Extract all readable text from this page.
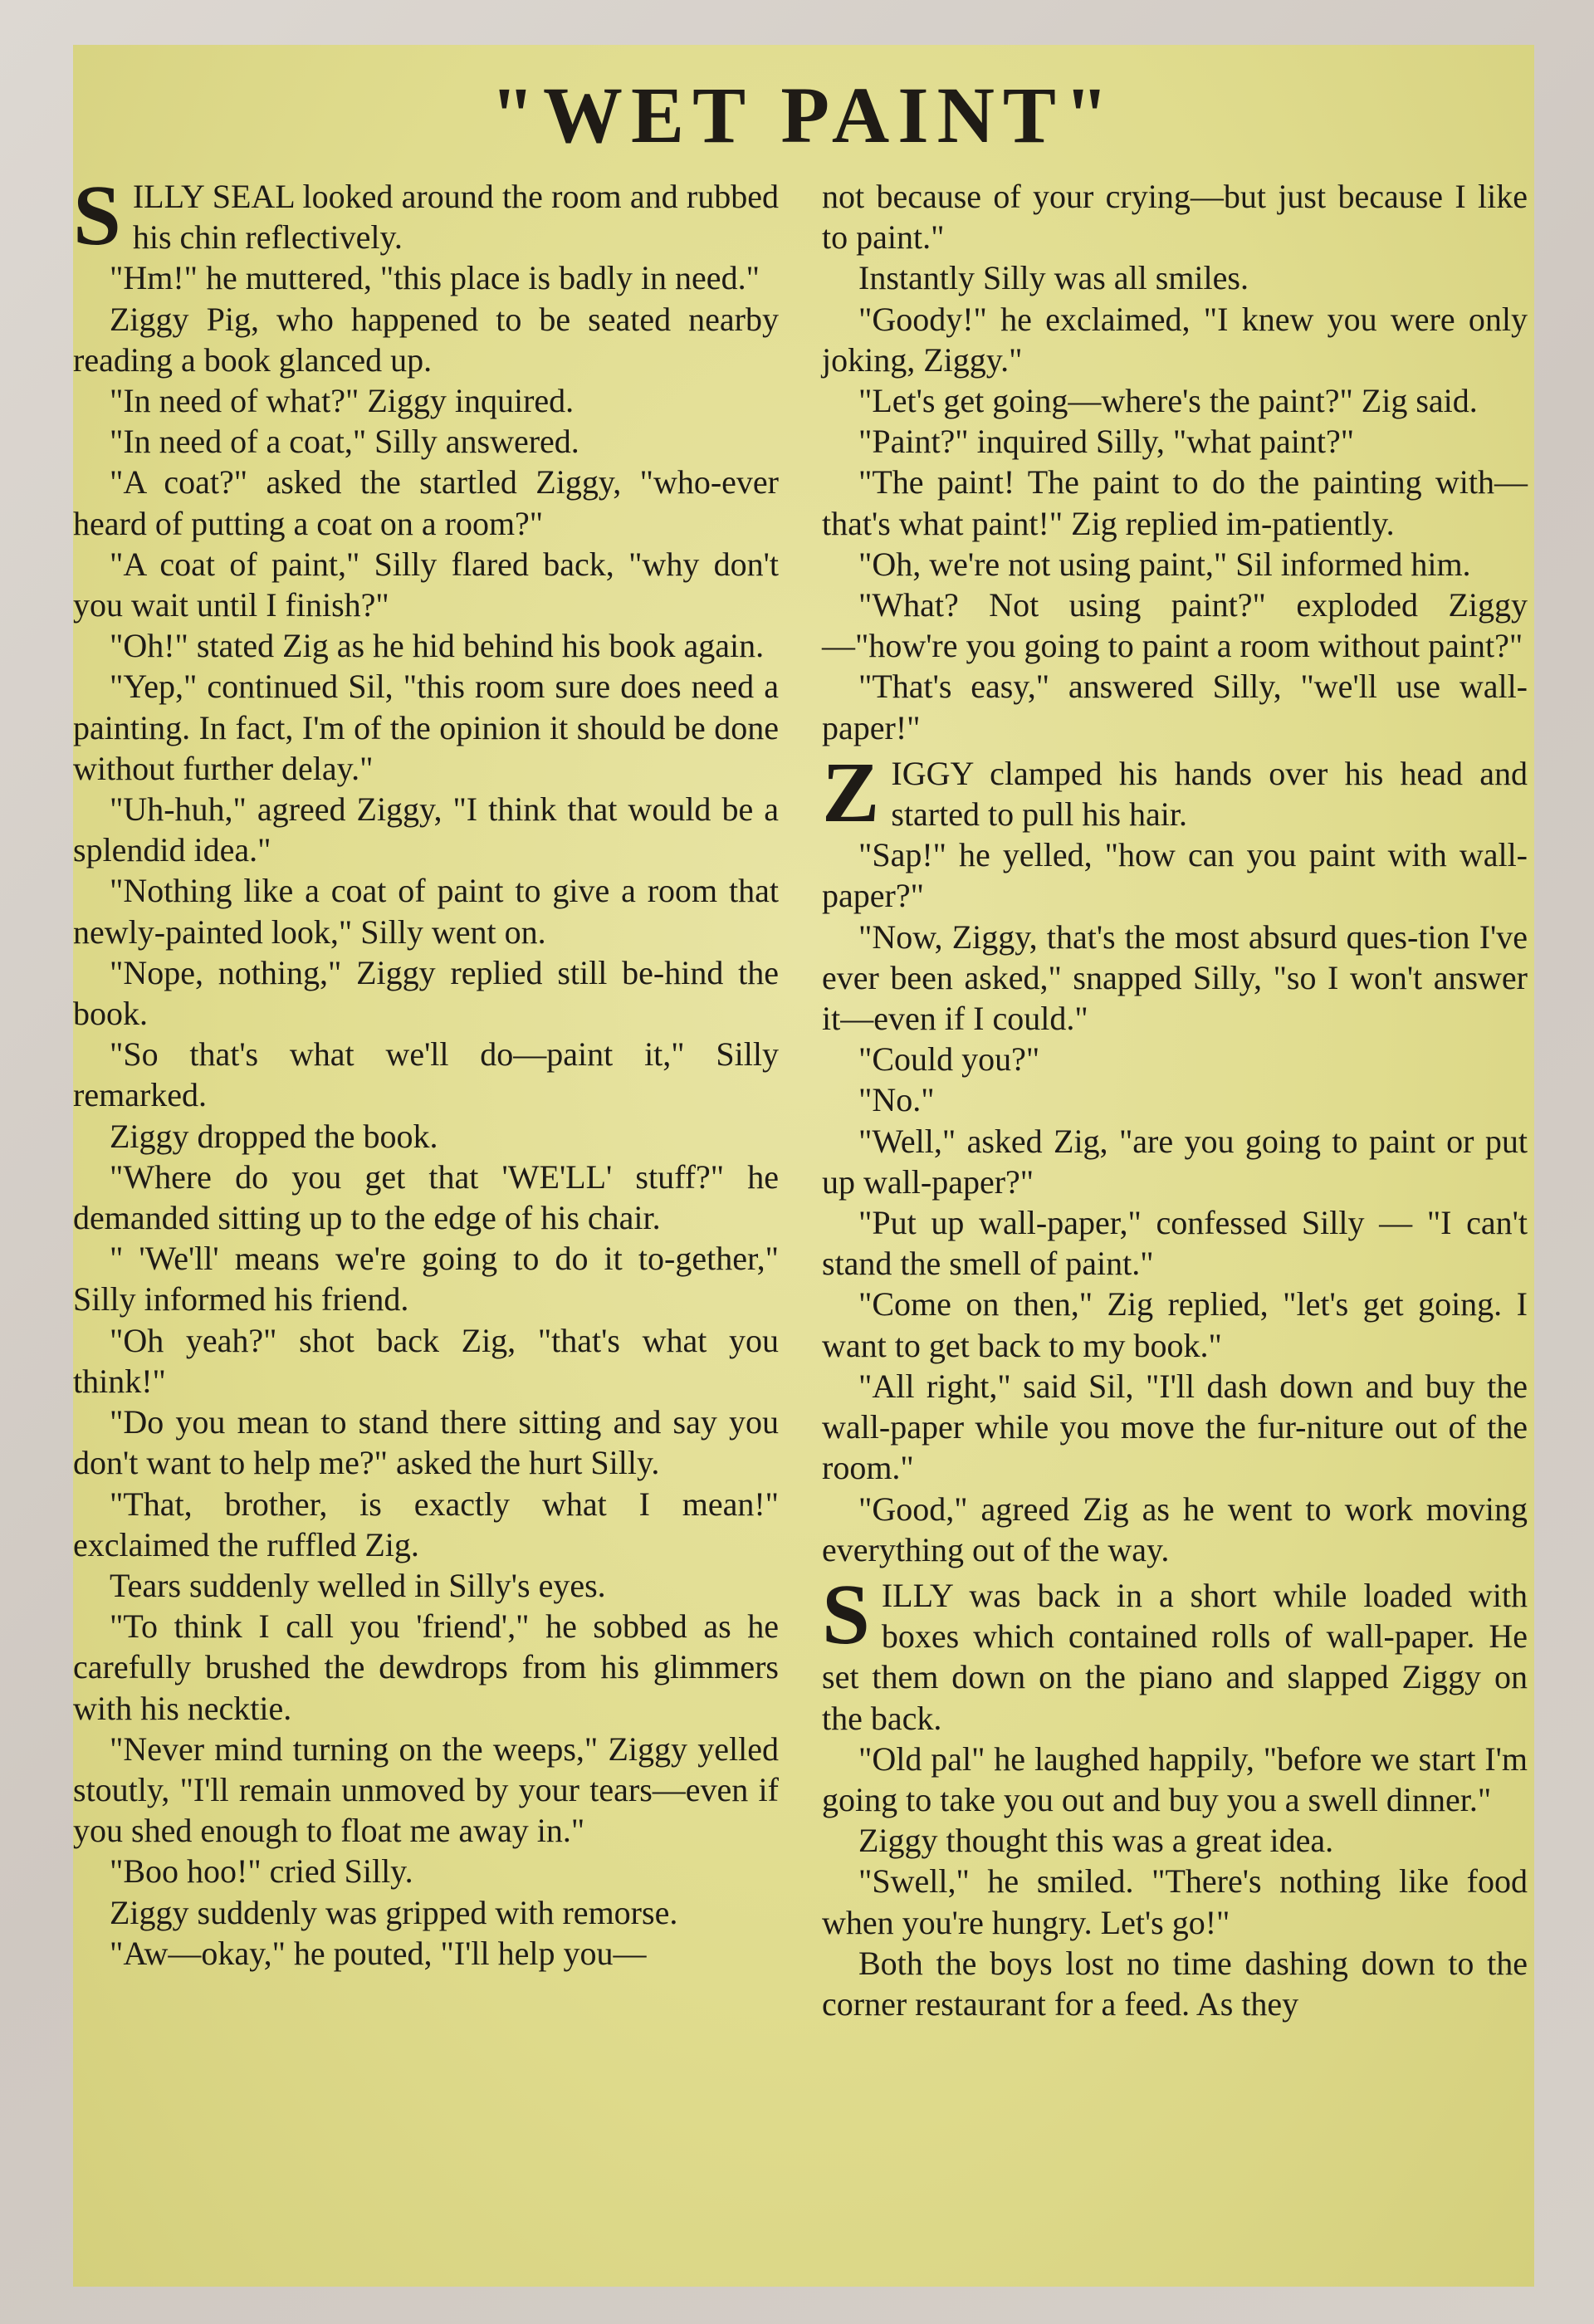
"WET PAINT"

SILLY SEAL looked around the room and rubbed his chin reflectively.

"Hm!" he muttered, "this place is badly in need."

Ziggy Pig, who happened to be seated nearby reading a book glanced up.

"In need of what?" Ziggy inquired.

"In need of a coat," Silly answered.

"A coat?" asked the startled Ziggy, "who-ever heard of putting a coat on a room?"

"A coat of paint," Silly flared back, "why don't you wait until I finish?"

"Oh!" stated Zig as he hid behind his book again.

"Yep," continued Sil, "this room sure does need a painting. In fact, I'm of the opinion it should be done without further delay."

"Uh-huh," agreed Ziggy, "I think that would be a splendid idea."

"Nothing like a coat of paint to give a room that newly-painted look," Silly went on.

"Nope, nothing," Ziggy replied still be-hind the book.

"So that's what we'll do—paint it," Silly remarked.

Ziggy dropped the book.

"Where do you get that 'WE'LL' stuff?" he demanded sitting up to the edge of his chair.

" 'We'll' means we're going to do it to-gether," Silly informed his friend.

"Oh yeah?" shot back Zig, "that's what you think!"

"Do you mean to stand there sitting and say you don't want to help me?" asked the hurt Silly.

"That, brother, is exactly what I mean!" exclaimed the ruffled Zig.

Tears suddenly welled in Silly's eyes.

"To think I call you 'friend'," he sobbed as he carefully brushed the dewdrops from his glimmers with his necktie.

"Never mind turning on the weeps," Ziggy yelled stoutly, "I'll remain unmoved by your tears—even if you shed enough to float me away in."

"Boo hoo!" cried Silly.

Ziggy suddenly was gripped with remorse.

"Aw—okay," he pouted, "I'll help you—

not because of your crying—but just because I like to paint."

Instantly Silly was all smiles.

"Goody!" he exclaimed, "I knew you were only joking, Ziggy."

"Let's get going—where's the paint?" Zig said.

"Paint?" inquired Silly, "what paint?"

"The paint! The paint to do the painting with—that's what paint!" Zig replied im-patiently.

"Oh, we're not using paint," Sil informed him.

"What? Not using paint?" exploded Ziggy—"how're you going to paint a room without paint?"

"That's easy," answered Silly, "we'll use wall-paper!"

ZIGGY clamped his hands over his head and started to pull his hair.

"Sap!" he yelled, "how can you paint with wall-paper?"

"Now, Ziggy, that's the most absurd ques-tion I've ever been asked," snapped Silly, "so I won't answer it—even if I could."

"Could you?"

"No."

"Well," asked Zig, "are you going to paint or put up wall-paper?"

"Put up wall-paper," confessed Silly — "I can't stand the smell of paint."

"Come on then," Zig replied, "let's get going. I want to get back to my book."

"All right," said Sil, "I'll dash down and buy the wall-paper while you move the fur-niture out of the room."

"Good," agreed Zig as he went to work moving everything out of the way.

SILLY was back in a short while loaded with boxes which contained rolls of wall-paper. He set them down on the piano and slapped Ziggy on the back.

"Old pal" he laughed happily, "before we start I'm going to take you out and buy you a swell dinner."

Ziggy thought this was a great idea.

"Swell," he smiled. "There's nothing like food when you're hungry. Let's go!"

Both the boys lost no time dashing down to the corner restaurant for a feed. As they
